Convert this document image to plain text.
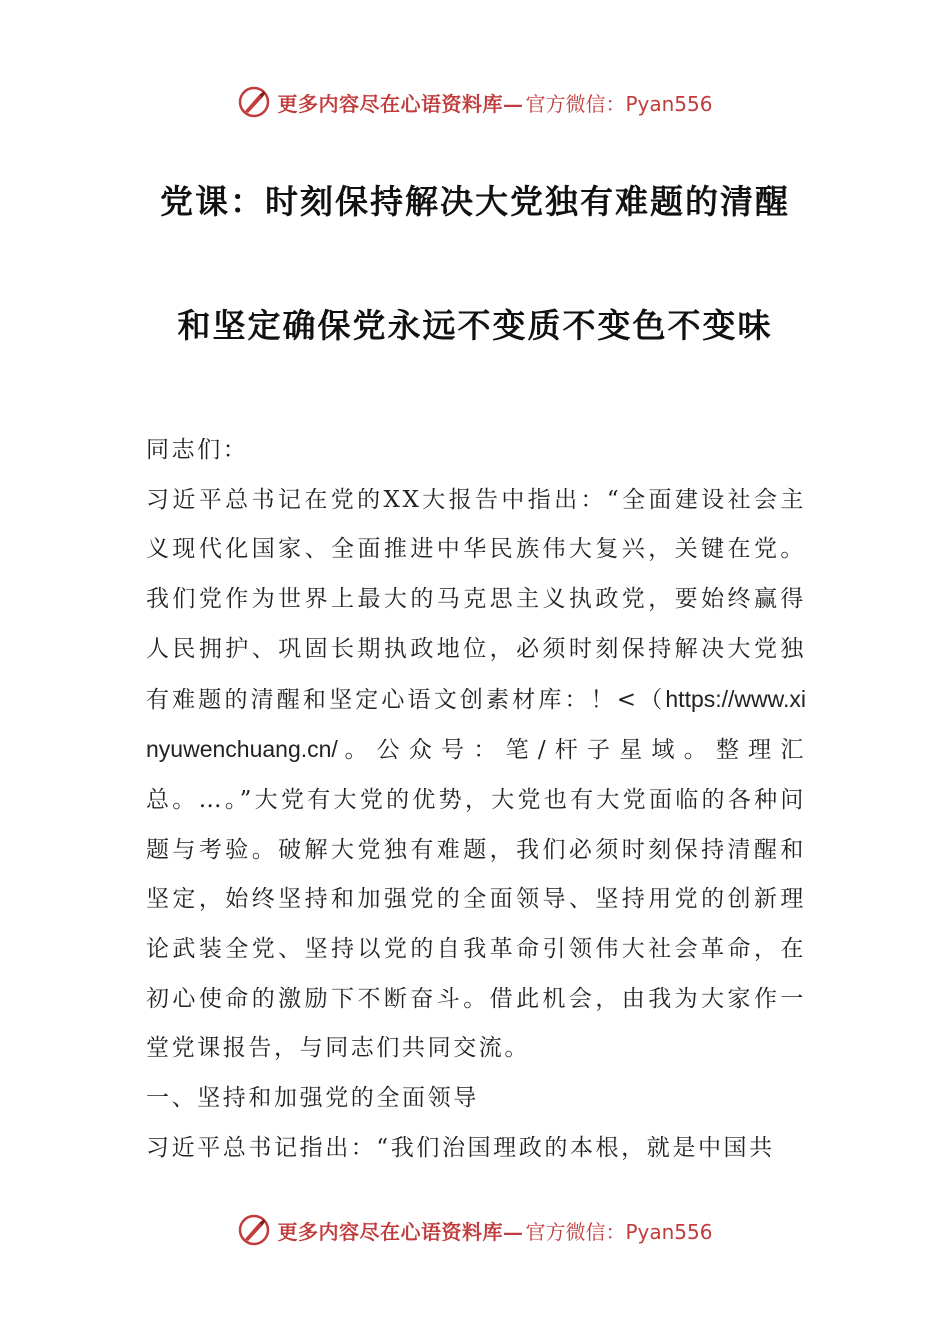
更多内容尽在心语资料库— 官方微信：Pyan556
党课：时刻保持解决大党独有难题的清醒
和坚定确保党永远不变质不变色不变味

同志们：

习近平总书记在党的XX大报告中指出：“全面建设社会主义现代化国家、全面推进中华民族伟大复兴，关键在党。我们党作为世界上最大的马克思主义执政党，要始终赢得人民拥护、巩固长期执政地位，必须时刻保持解决大党独有难题的清醒和坚定心语文创素材库：！<（https://www.xinyuwenchuang.cn/。公众号：笔/杆子星域。整理汇总。…。”大党有大党的优势，大党也有大党面临的各种问题与考验。破解大党独有难题，我们必须时刻保持清醒和坚定，始终坚持和加强党的全面领导、坚持用党的创新理论武装全党、坚持以党的自我革命引领伟大社会革命，在初心使命的激励下不断奋斗。借此机会，由我为大家作一堂党课报告，与同志们共同交流。

一、坚持和加强党的全面领导

习近平总书记指出：“我们治国理政的本根，就是中国共

更多内容尽在心语资料库— 官方微信：Pyan556
